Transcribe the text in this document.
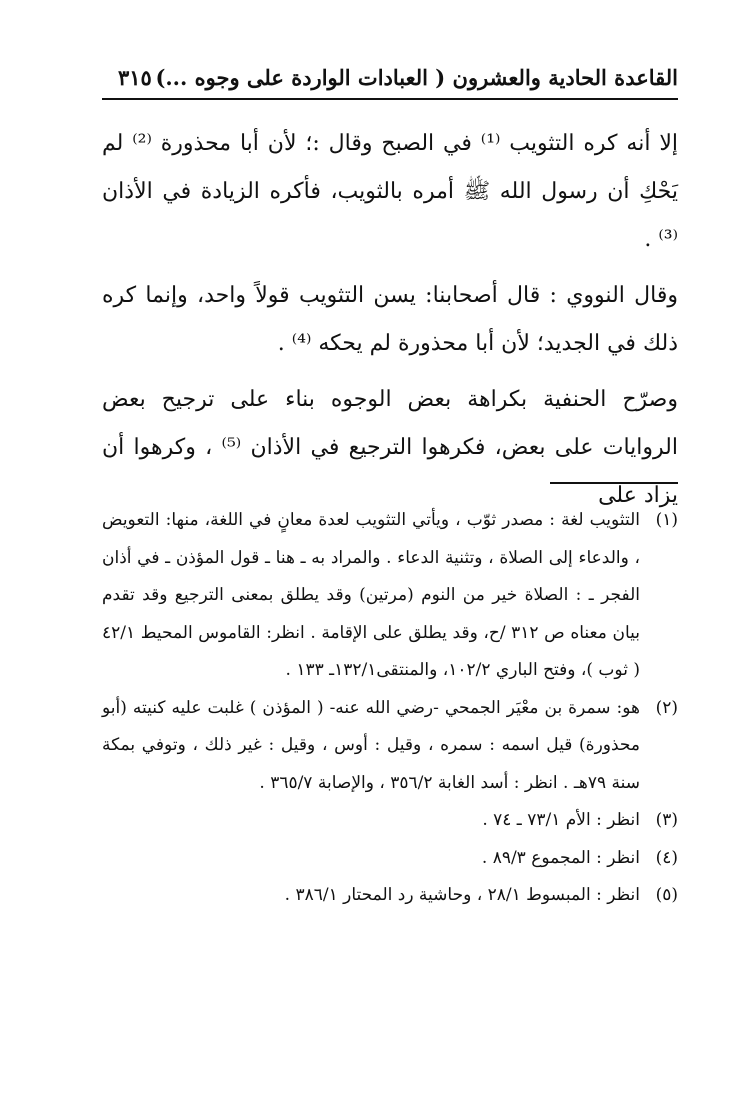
القاعدة الحادية والعشرون ( العبادات الواردة على وجوه ...)
٣١٥

إلا أنه كره التثويب ⁽¹⁾ في الصبح وقال :؛ لأن أبا محذورة ⁽²⁾ لم يَحْكِ أن رسول الله ﷺ أمره بالثويب، فأكره الزيادة في الأذان ⁽³⁾ .

وقال النووي : قال أصحابنا: يسن التثويب قولاً واحد، وإنما كره ذلك في الجديد؛ لأن أبا محذورة لم يحكه ⁽⁴⁾ .

وصرّح الحنفية بكراهة بعض الوجوه بناء على ترجيح بعض الروايات على بعض، فكرهوا الترجيع في الأذان ⁽⁵⁾ ، وكرهوا أن يزاد على

(١)
التثويب لغة : مصدر ثوّب ، ويأتي التثويب لعدة معانٍ في اللغة، منها: التعويض ، والدعاء إلى الصلاة ، وتثنية الدعاء . والمراد به ـ هنا ـ قول المؤذن ـ في أذان الفجر ـ : الصلاة خير من النوم (مرتين) وقد يطلق بمعنى الترجيع وقد تقدم بيان معناه ص ٣١٢ /ح، وقد يطلق على الإقامة . انظر: القاموس المحيط ٤٢/١ ( ثوب )، وفتح الباري ١٠٢/٢، والمنتقى١٣٢/١ـ ١٣٣ .
(٢)
هو: سمرة بن معْيَر الجمحي -رضي الله عنه- ( المؤذن ) غلبت عليه كنيته (أبو محذورة) قيل اسمه : سمره ، وقيل : أوس ، وقيل : غير ذلك ، وتوفي بمكة سنة ٧٩هـ . انظر : أسد الغابة ٣٥٦/٢ ، والإصابة ٣٦٥/٧ .
(٣)
انظر : الأم ٧٣/١ ـ ٧٤ .
(٤)
انظر : المجموع ٨٩/٣ .
(٥)
انظر : المبسوط ٢٨/١ ، وحاشية رد المحتار ٣٨٦/١ .
